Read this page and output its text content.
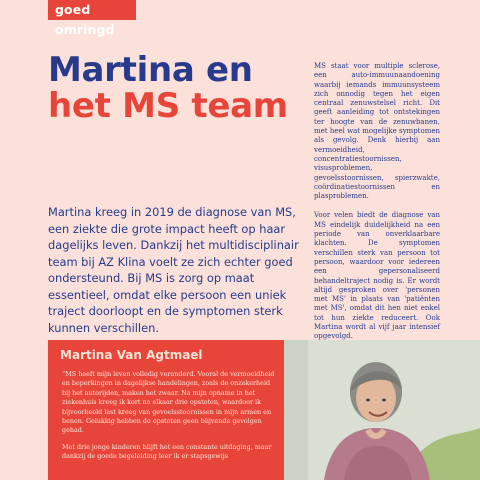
goed omringd
Martina en
het MS team

MS staat voor multiple sclerose, een auto-immuunaandoening waarbij iemands immuunsysteem zich onnodig tegen het eigen centraal zenuwstelsel richt. Dit geeft aanleiding tot ontstekingen ter hoogte van de zenuwbanen, met heel wat mogelijke symptomen als gevolg. Denk hierbij aan vermoeidheid, concentratiestoornissen, visusproblemen, gevoelsstoornissen, spierzwakte, coördinatiestoornissen en plasproblemen.

Voor velen biedt de diagnose van MS eindelijk duidelijkheid na een periode van onverklaarbare klachten. De symptomen verschillen sterk van persoon tot persoon, waardoor voor iedereen een gepersonaliseerd behandeltraject nodig is. Er wordt altijd gesproken over 'personen met MS' in plaats van 'patiënten met MS', omdat dit hen niet enkel tot hun ziekte reduceert. Ook Martina wordt al vijf jaar intensief opgevolgd.

Martina kreeg in 2019 de diagnose van MS, een ziekte die grote impact heeft op haar dagelijks leven. Dankzij het multidisciplinair team bij AZ Klina voelt ze zich echter goed ondersteund. Bij MS is zorg op maat essentieel, omdat elke persoon een uniek traject doorloopt en de symptomen sterk kunnen verschillen.
Martina Van Agtmael

“MS heeft mijn leven volledig veranderd. Vooral de vermoeidheid en beperkingen in dagelijkse handelingen, zoals de onzekerheid bij het autorijden, maken het zwaar. Na mijn opname in het ziekenhuis kreeg ik kort na elkaar drie opstoten, waardoor ik bijvoorbeeld last kreeg van gevoelsstoornissen in mijn armen en benen. Gelukkig hebben de opstoten geen blijvende gevolgen gehad.

Met drie jonge kinderen blijft het een constante uitdaging, maar dankzij de goede begeleiding leer ik er stapsgewijs
